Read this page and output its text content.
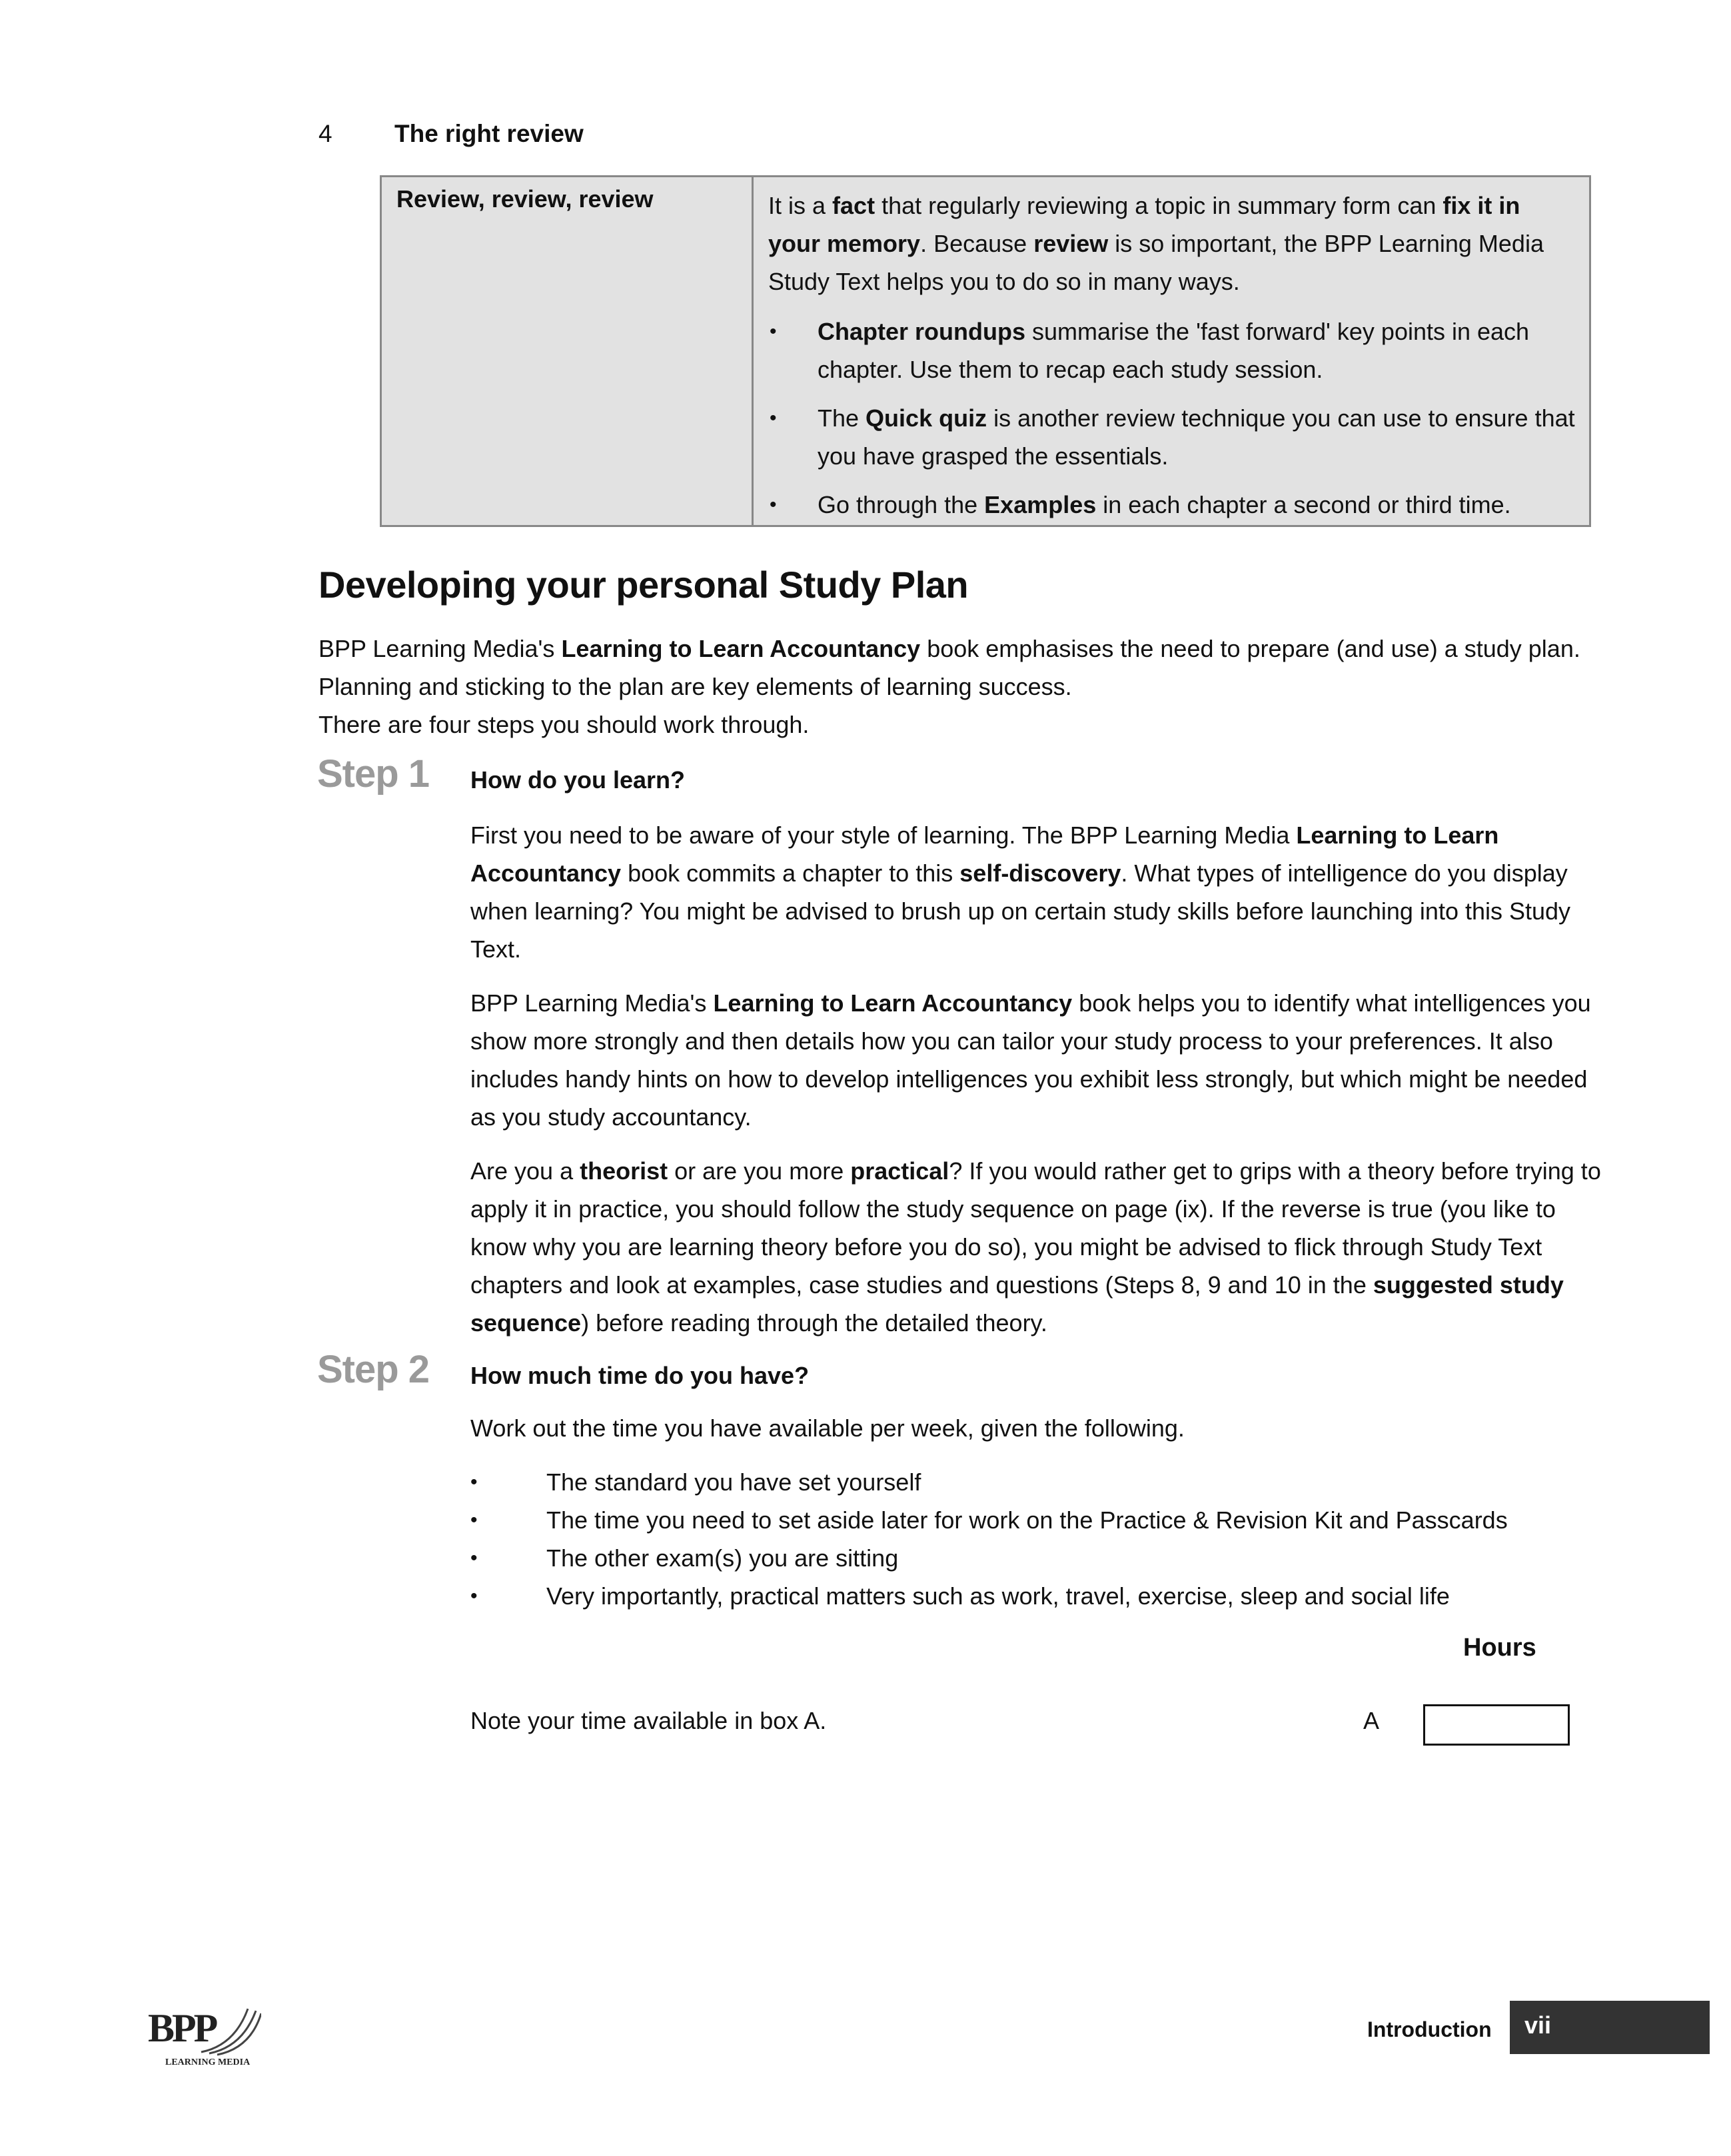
4	The right review
Review, review, review	It is a fact that regularly reviewing a topic in summary form can fix it in your memory. Because review is so important, the BPP Learning Media Study Text helps you to do so in many ways.

• Chapter roundups summarise the 'fast forward' key points in each chapter. Use them to recap each study session.
• The Quick quiz is another review technique you can use to ensure that you have grasped the essentials.
• Go through the Examples in each chapter a second or third time.
Developing your personal Study Plan

BPP Learning Media's Learning to Learn Accountancy book emphasises the need to prepare (and use) a study plan. Planning and sticking to the plan are key elements of learning success.

There are four steps you should work through.

Step 1 How do you learn?

First you need to be aware of your style of learning. The BPP Learning Media Learning to Learn Accountancy book commits a chapter to this self-discovery. What types of intelligence do you display when learning? You might be advised to brush up on certain study skills before launching into this Study Text.

BPP Learning Media's Learning to Learn Accountancy book helps you to identify what intelligences you show more strongly and then details how you can tailor your study process to your preferences. It also includes handy hints on how to develop intelligences you exhibit less strongly, but which might be needed as you study accountancy.

Are you a theorist or are you more practical? If you would rather get to grips with a theory before trying to apply it in practice, you should follow the study sequence on page (ix). If the reverse is true (you like to know why you are learning theory before you do so), you might be advised to flick through Study Text chapters and look at examples, case studies and questions (Steps 8, 9 and 10 in the suggested study sequence) before reading through the detailed theory.

Step 2 How much time do you have?
Work out the time you have available per week, given the following.
•	The standard you have set yourself
•	The time you need to set aside later for work on the Practice & Revision Kit and Passcards
•	The other exam(s) you are sitting
•	Very importantly, practical matters such as work, travel, exercise, sleep and social life
Hours
Note your time available in box A.	A
BPP
LEARNING MEDIA
Introduction	vii
